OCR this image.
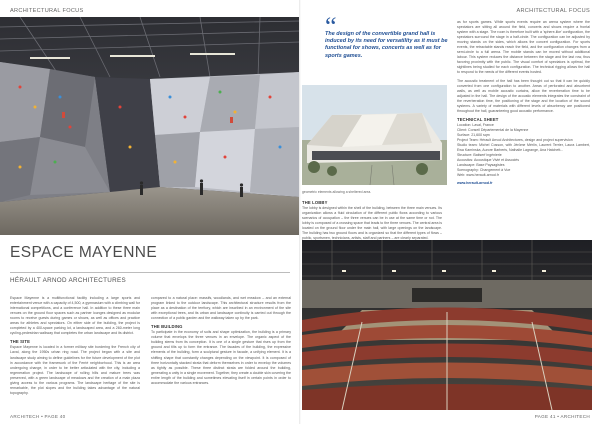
ARCHITECTURAL FOCUS
ESPACE MAYENNE
HÉRAULT ARNOD ARCHITECTURES

Espace Mayenne is a multifunctional facility including a large sports and entertainment venue with a capacity of 4,500, a gymnasium with a climbing wall for international competitions, and a conference hall. In addition to these three main venues on the ground floor spaces such as partner lounges designed as modular rooms to receive guests during games or shows, as well as offices and practice areas for athletes and spectators. On either side of the building, the project is completed by a 400-space parking lot, a landscaped area, and a 260-meter long cycling-pedestrian walkway that completes the urban landscape and its district.

THE SITE

Espace Mayenne is located in a former military site bordering the French city of Laval, along the 1950s urban ring road. The project began with a site and landscape study aiming to define guidelines for the future development of the plot in accordance with the framework of the Ferrié neighborhood. This is an area undergoing change, in order to be better articulated with the city, including a regeneration project. The landscape of rolling hills and mature trees was preserved, with a green landscape of meadows and the creation of a main plaza giving access to the various programs. The landscape heritage of the site is remarkable, the plot slopes and the building takes advantage of the natural topography.

compared to a natural place: massifs, woodlands, and wet meadow – and an external program linked to the outdoor landscape. This architectural structure results from the place as a destination of the territory, which are inscribed in an environment of the site with exceptional trees, and its urban and landscape continuity is carried out through the connection of a public garden and the walkway taken up by the park.

THE BUILDING

To participate in the economy of soils and shape optimization, the building is a primary volume that envelops the three venues in an envelope. The organic aspect of the building stems from its conception. It is one of a single gesture that rises up from the ground and tilts up to form the entrance. The facades of the building, the expressive elements of the building, form a sculptural gesture in facade, a unifying element. It is a shifting shape that constantly changes depending on the viewpoint. It is composed of three horizontally stacked strata that deform themselves in order to envelop the volumes as tightly as possible. These three distinct strata are folded around the building, generating a unity in a single movement. Together, they create a double skin covering the entire length of the building and sometimes elevating itself in certain points in order to accommodate the various entrances.

ARCHITECH • PAGE 40
ARCHITECTURAL FOCUS
PAGE 41 • ARCHITECH
“
The design of the convertible grand hall is induced by its need for versatility as it must be functional for shows, concerts as well as for sports games.

geometric elements allowing a sheltered area.

THE LOBBY

The lobby is designed within the shell of the building, between the three main venues. Its organization allows a fluid circulation of the different public flows according to various scenarios of occupation – the three venues can be in use at the same time or not. The lobby is composed of a crossing space that leads to the three venues. The central area is located on the ground floor under the main hall, with large openings on the landscape. The building has two ground floors and is organized so that the different types of flows – public, sportsmen, technicians, artists, staff and partners – are clearly separated.

as for sports games. While sports events require an arena system where the spectators are sitting all around the field, concerts and shows require a frontal system with a stage. The room is therefore built with a 'sphere-like' configuration, the spectators surround the stage in a half-circle. The configuration can be adjusted by moving stands on the sides, which allows the concert configuration. For sports events, the retractable stands reach the field, and the configuration changes from a semi-circle to a full arena. The mobile stands can be moved without additional labour. This system reduces the distance between the stage and the last row, thus favoring proximity with the public. The visual comfort of spectators is optimal, the sightlines being studied for each configuration. The technical rigging allows the hall to respond to the needs of the different events hosted.

The acoustic treatment of the hall has been thought out so that it can be quickly converted from one configuration to another. Areas of perforated and absorbent walls, as well as mobile acoustic curtains, allow the reverberation time to be adjusted in the hall. The design of the acoustic elements integrates the constraint of the reverberation time, the positioning of the stage and the location of the sound systems. A variety of materials with different levels of absorbency are positioned throughout the hall, guaranteeing good acoustic performance.

TECHNICAL SHEET

Location: Laval, France
Client: Conseil Départemental de la Mayenne
Surface: 21,600 sqm
Project Team: Hérault Arnod Architectures, design and project supervision
Studio team: Michel Cosson, with Jérôme Mérlin, Laurent Terrier, Laura Lambert, Ewa Kaminska, Aurore Barberis, Nathalie Lagrange, Ana Hatchett...
Structure: Batiserf ingénierie
Acoustics: Acoustique Vivié et Associés
Landscape: Base Paysagistes
Scenography: Changement à Vue
Web: www.herault-arnod.fr

www.herault-arnod.fr
